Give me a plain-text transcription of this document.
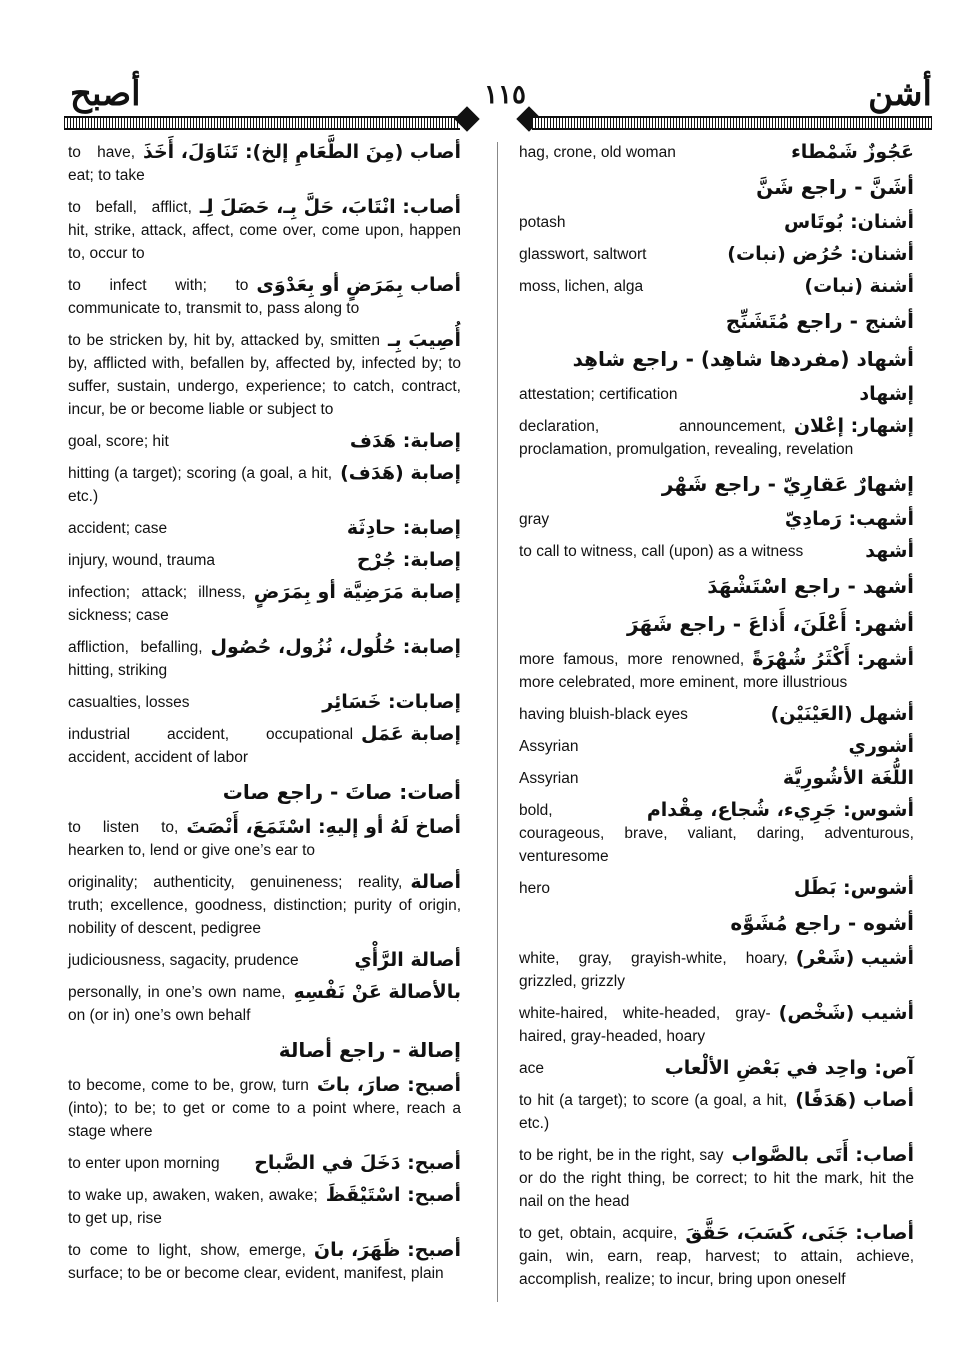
أصبح	١١٥	أشن
أصاب (مِنَ الطَّعَامِ إلخ): تَنَاوَلَ، أَخَذَ
to have, eat; to take
أصاب: انْتَابَ، حَلَّ بِـ، حَصَلَ لِـ
to befall, afflict, hit, strike, attack, affect, come over, come upon, happen to, occur to
أصاب بِمَرَضٍ أو بِعَدْوَى
to infect with; to communicate to, transmit to, pass along to
أُصِيبَ بِـ
to be stricken by, hit by, attacked by, smitten by, afflicted with, befallen by, affected by, infected by; to suffer, sustain, undergo, experience; to catch, contract, incur, be or become liable or subject to
إصابة: هَدَف
goal, score; hit
إصابة (هَدَف)
hitting (a target); scoring (a goal, a hit, etc.)
إصابة: حادِثَة
accident; case
إصابة: جُرْح
injury, wound, trauma
إصابة مَرَضِيَّة أو بِمَرَضٍ
infection; attack; illness, sickness; case
إصابة: حُلُول، نُزُول، حُصُول
affliction, befalling, hitting, striking
إصابات: خَسَائِر
casualties, losses
إصابة عَمَل
industrial accident, occupational accident, accident of labor
أصات: صاتَ - راجع صات
أصاخ لَهُ أو إليهِ: اسْتَمَعَ، أَنْصَتَ
to listen to, hearken to, lend or give one’s ear to
أصالة
originality; authenticity, genuineness; reality, truth; excellence, goodness, distinction; purity of origin, nobility of descent, pedigree
أصالة الرَّأْي
judiciousness, sagacity, prudence
بالأصالة عَنْ نَفْسِهِ
personally, in one’s own name, on (or in) one’s own behalf
إصالة - راجع أصالة
أصبح: صارَ، باتَ
to become, come to be, grow, turn (into); to be; to get or come to a point where, reach a stage where
أصبح: دَخَلَ في الصَّباح
to enter upon morning
أصبح: اسْتَيْقَظَ
to wake up, awaken, waken, awake; to get up, rise
أصبح: ظَهَرَ، بانَ
to come to light, show, emerge, surface; to be or become clear, evident, manifest, plain
عَجُوزٌ شَمْطاء
hag, crone, old woman
أشَنَّ - راجع شَنَّ
أشنان: بُوتَاس
potash
أشنان: حُرُض (نبات)
glasswort, saltwort
أشنة (نبات)
moss, lichen, alga
أشنج - راجع مُتَشَنِّج
أشهاد (مفردها شاهِد) - راجع شاهِد
إشهاد
attestation; certification
إشهار: إعْلان
declaration, announcement, proclamation, promulgation, revealing, revelation
إشهارٌ عَقارِيّ - راجع شَهْر
أشهب: رَمادِيّ
gray
أشهد
to call to witness, call (upon) as a witness
أشهد - راجع اسْتَشْهَدَ
أشهر: أَعْلَنَ، أَذاعَ - راجع شَهَرَ
أشهر: أَكْثَرُ شُهْرَةً
more famous, more renowned, more celebrated, more eminent, more illustrious
أشهل (العَيْنَيْن)
having bluish-black eyes
أشوري
Assyrian
اللُّغَة الأشُورِيَّة
Assyrian
أشوس: جَرِيء، شُجاع، مِقْدام
bold, courageous, brave, valiant, daring, adventurous, venturesome
أشوس: بَطَل
hero
أشوه - راجع مُشَوَّه
أشيب (شَعْر)
white, gray, grayish-white, hoary, grizzled, grizzly
أشيب (شَخْص)
white-haired, white-headed, gray-haired, gray-headed, hoary
آص: واحِد في بَعْضِ الألْعاب
ace
أصاب (هَدَفًا)
to hit (a target); to score (a goal, a hit, etc.)
أصاب: أَتَى بالصَّواب
to be right, be in the right, say or do the right thing, be correct; to hit the mark, hit the nail on the head
أصاب: جَنَى، كَسَبَ، حَقَّقَ
to get, obtain, acquire, gain, win, earn, reap, harvest; to attain, achieve, accomplish, realize; to incur, bring upon oneself
